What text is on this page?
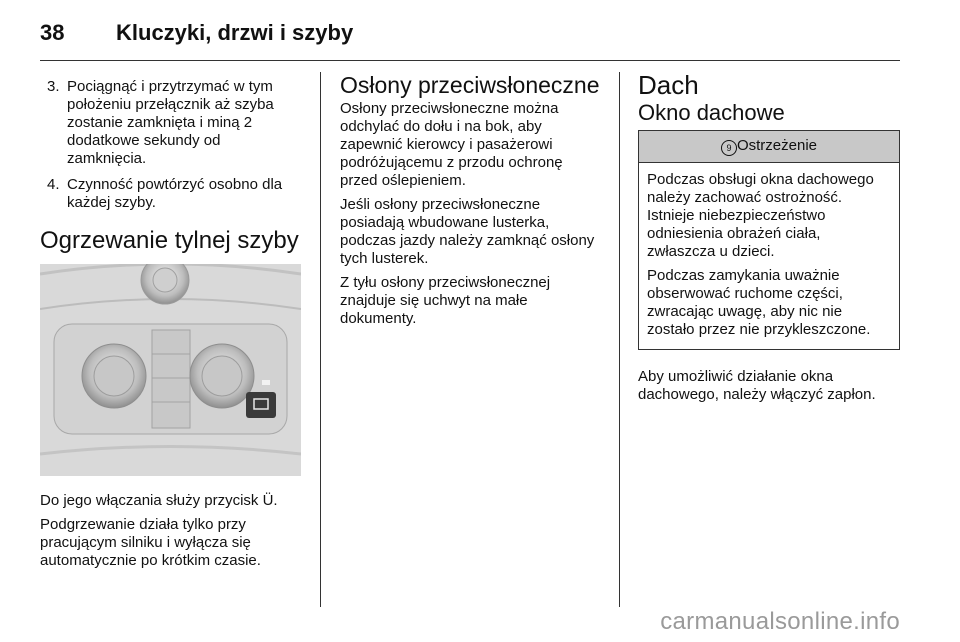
38 Kluczyki, drzwi i szyby
3. Pociągnąć i przytrzymać w tym położeniu przełącznik aż szyba zostanie zamknięta i miną 2 dodatkowe sekundy od zamknięcia.
4. Czynność powtórzyć osobno dla każdej szyby.
Ogrzewanie tylnej szyby

Do jego włączania służy przycisk Ü.

Podgrzewanie działa tylko przy pracującym silniku i wyłącza się automatycznie po krótkim czasie.

Osłony przeciwsłoneczne

Osłony przeciwsłoneczne można odchylać do dołu i na bok, aby zapewnić kierowcy i pasażerowi podróżującemu z przodu ochronę przed oślepieniem.

Jeśli osłony przeciwsłoneczne posiadają wbudowane lusterka, podczas jazdy należy zamknąć osłony tych lusterek.

Z tyłu osłony przeciwsłonecznej znajduje się uchwyt na małe dokumenty.

Dach
Okno dachowe
9 Ostrzeżenie

Podczas obsługi okna dachowego należy zachować ostrożność. Istnieje niebezpieczeństwo odniesienia obrażeń ciała, zwłaszcza u dzieci.

Podczas zamykania uważnie obserwować ruchome części, zwracając uwagę, aby nic nie zostało przez nie przykleszczone.

Aby umożliwić działanie okna dachowego, należy włączyć zapłon.

carmanualsonline.info
